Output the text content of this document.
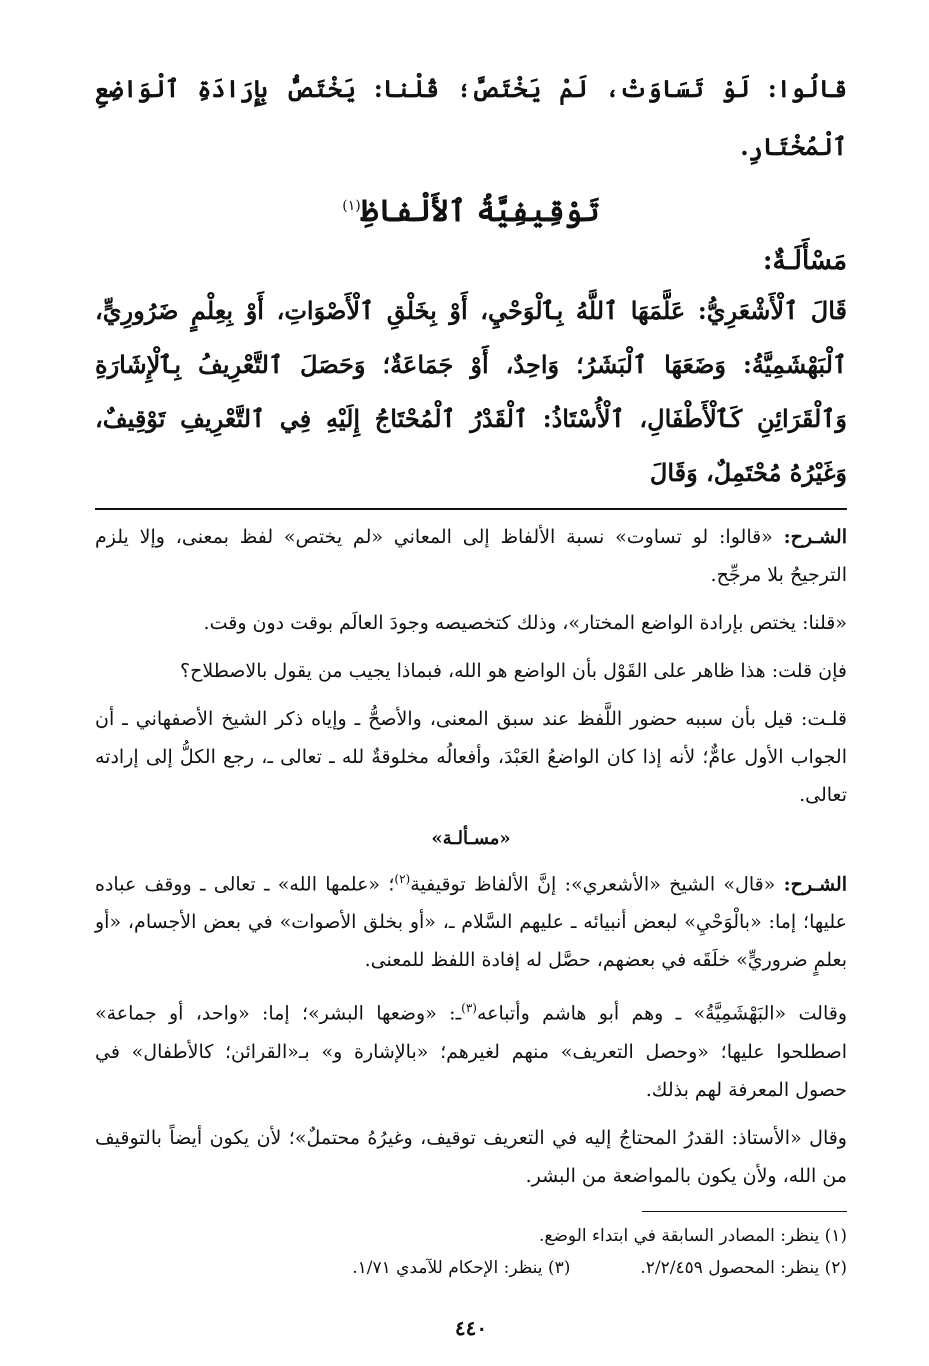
قالُوا: لَوْ تَسَاوَتْ، لَمْ يَخْتَصَّ؛ قُلْنا: يَخْتَصُّ بِإِرَادَةِ ٱلْوَاضِعِ ٱلْمُخْتَارِ.

تَوْقِيفِيَّةُ ٱلأَلْفاظِ$^{(١)}$

مَسْأَلَـةٌ:

قَالَ ٱلْأَشْعَرِيُّ: عَلَّمَهَا ٱللَّهُ بِٱلْوَحْيِ، أَوْ بِخَلْقِ ٱلْأَصْوَاتِ، أَوْ بِعِلْمٍ ضَرُورِيٍّ، ٱلْبَهْشَمِيَّةُ: وَضَعَهَا ٱلْبَشَرُ؛ وَاحِدٌ، أَوْ جَمَاعَةٌ؛ وَحَصَلَ ٱلتَّعْرِيفُ بِٱلْإِشَارَةِ وَٱلْقَرَائِنِ كَٱلْأَطْفَالِ، ٱلْأُسْتَاذُ: ٱلْقَدْرُ ٱلْمُحْتَاجُ إِلَيْهِ فِي ٱلتَّعْرِيفِ تَوْقِيفٌ، وَغَيْرُهُ مُحْتَمِلٌ، وَقَالَ

الشـرح: «قالوا: لو تساوت» نسبة الألفاظ إلى المعاني «لم يختص» لفظ بمعنى، وإلا يلزم الترجيحُ بلا مرجِّح.

«قلنا: يختص بإرادة الواضع المختار»، وذلك كتخصيصه وجودَ العالَم بوقت دون وقت.

فإن قلت: هذا ظاهر على القَوْل بأن الواضع هو الله، فبماذا يجيب من يقول بالاصطلاح؟

قلـت: قيل بأن سببه حضور اللَّفظ عند سبق المعنى، والأصحُّ ـ وإياه ذكر الشيخ الأصفهاني ـ أن الجواب الأول عامٌّ؛ لأنه إذا كان الواضعُ العَبْدَ، وأفعالُه مخلوقةٌ لله ـ تعالى ـ، رجع الكلُّ إلى إرادته تعالى.

«مسـألـة»

الشـرح: «قال» الشيخ «الأشعري»: إنَّ الألفاظ توقيفية$^{(٢)}$؛ «علمها الله» ـ تعالى ـ ووقف عباده عليها؛ إما: «بالْوَحْيِ» لبعض أنبيائه ـ عليهم السَّلام ـ، «أو بخلق الأصوات» في بعض الأجسام، «أو بعلمٍ ضروريٍّ» خلَقَه في بعضهم، حصَّل له إفادة اللفظ للمعنى.

وقالت «البَهْشَمِيَّةُ» ـ وهم أبو هاشم وأتباعه$^{(٣)}$ـ: «وضعها البشر»؛ إما: «واحد، أو جماعة» اصطلحوا عليها؛ «وحصل التعريف» منهم لغيرهم؛ «بالإشارة و» بـ«القرائن؛ كالأطفال» في حصول المعرفة لهم بذلك.

وقال «الأستاذ: القدرُ المحتاجُ إليه في التعريف توقيف، وغيرُهُ محتملٌ»؛ لأن يكون أيضاً بالتوقيف من الله، ولأن يكون بالمواضعة من البشر.

(١) ينظر: المصادر السابقة في ابتداء الوضع.
(٢) ينظر: المحصول ٢/٢/٤٥٩.
(٣) ينظر: الإحكام للآمدي ١/٧١.
٤٤٠
